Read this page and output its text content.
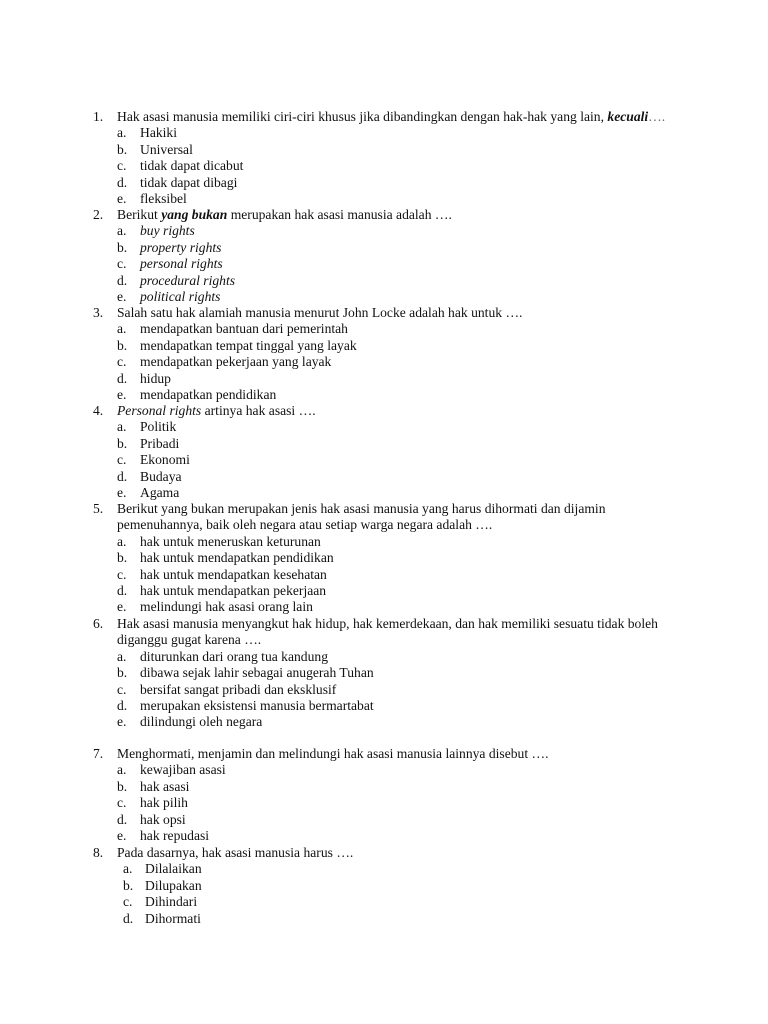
1. Hak asasi manusia memiliki ciri-ciri khusus jika dibandingkan dengan hak-hak yang lain, kecuali….
a. Hakiki
b. Universal
c. tidak dapat dicabut
d. tidak dapat dibagi
e. fleksibel
2. Berikut yang bukan merupakan hak asasi manusia adalah ….
a. buy rights
b. property rights
c. personal rights
d. procedural rights
e. political rights
3. Salah satu hak alamiah manusia menurut John Locke adalah hak untuk ….
a. mendapatkan bantuan dari pemerintah
b. mendapatkan tempat tinggal yang layak
c. mendapatkan pekerjaan yang layak
d. hidup
e. mendapatkan pendidikan
4. Personal rights artinya hak asasi ….
a. Politik
b. Pribadi
c. Ekonomi
d. Budaya
e. Agama
5. Berikut yang bukan merupakan jenis hak asasi manusia yang harus dihormati dan dijamin
pemenuhannya, baik oleh negara atau setiap warga negara adalah ….
a. hak untuk meneruskan keturunan
b. hak untuk mendapatkan pendidikan
c. hak untuk mendapatkan kesehatan
d. hak untuk mendapatkan pekerjaan
e. melindungi hak asasi orang lain
6. Hak asasi manusia menyangkut hak hidup, hak kemerdekaan, dan hak memiliki sesuatu tidak boleh
diganggu gugat karena ….
a. diturunkan dari orang tua kandung
b. dibawa sejak lahir sebagai anugerah Tuhan
c. bersifat sangat pribadi dan eksklusif
d. merupakan eksistensi manusia bermartabat
e. dilindungi oleh negara
7. Menghormati, menjamin dan melindungi hak asasi manusia lainnya disebut ….
a. kewajiban asasi
b. hak asasi
c. hak pilih
d. hak opsi
e. hak repudasi
8. Pada dasarnya, hak asasi manusia harus ….
a. Dilalaikan
b. Dilupakan
c. Dihindari
d. Dihormati
